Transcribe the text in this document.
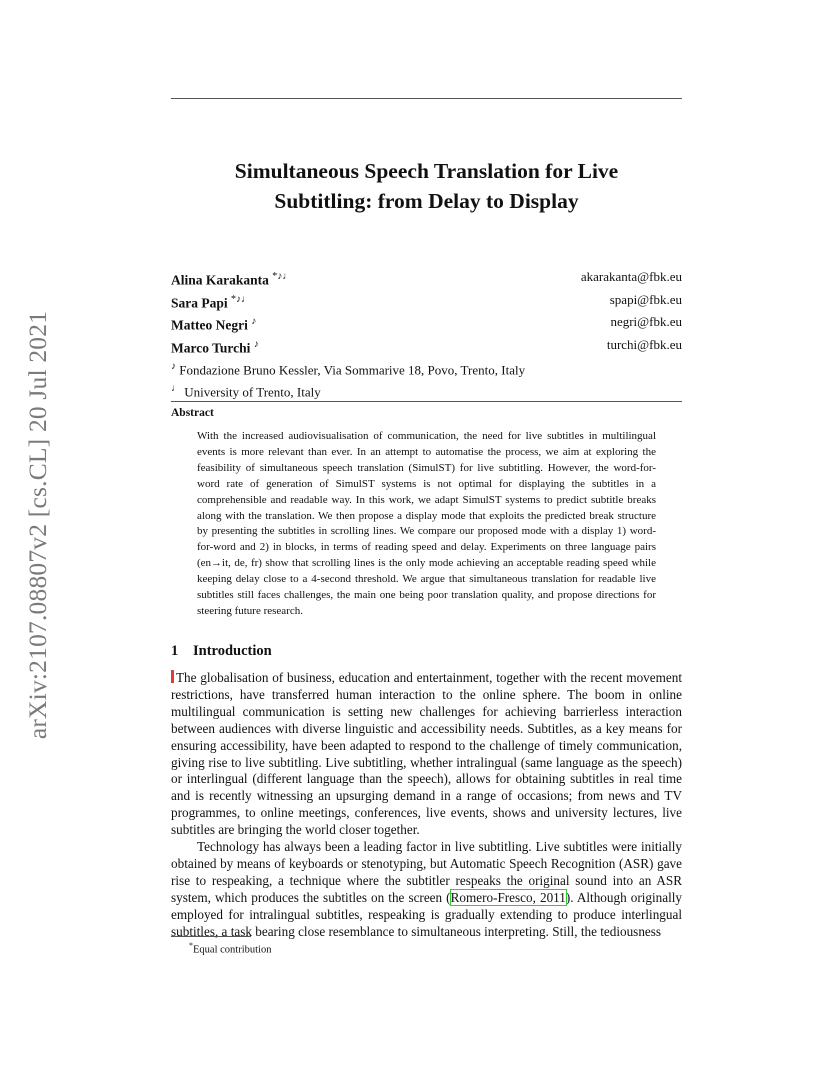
arXiv:2107.08807v2 [cs.CL] 20 Jul 2021
Simultaneous Speech Translation for Live
Subtitling: from Delay to Display
Alina Karakanta *♪♩	akarakanta@fbk.eu
Sara Papi *♪♩	spapi@fbk.eu
Matteo Negri ♪	negri@fbk.eu
Marco Turchi ♪	turchi@fbk.eu
♪ Fondazione Bruno Kessler, Via Sommarive 18, Povo, Trento, Italy
♩ University of Trento, Italy
Abstract

With the increased audiovisualisation of communication, the need for live subtitles in multilingual events is more relevant than ever. In an attempt to automatise the process, we aim at exploring the feasibility of simultaneous speech translation (SimulST) for live subtitling. However, the word-for-word rate of generation of SimulST systems is not optimal for displaying the subtitles in a comprehensible and readable way. In this work, we adapt SimulST systems to predict subtitle breaks along with the translation. We then propose a display mode that exploits the predicted break structure by presenting the subtitles in scrolling lines. We compare our proposed mode with a display 1) word-for-word and 2) in blocks, in terms of reading speed and delay. Experiments on three language pairs (en→it, de, fr) show that scrolling lines is the only mode achieving an acceptable reading speed while keeping delay close to a 4-second threshold. We argue that simultaneous translation for readable live subtitles still faces challenges, the main one being poor translation quality, and propose directions for steering future research.

1 Introduction

The globalisation of business, education and entertainment, together with the recent movement restrictions, have transferred human interaction to the online sphere. The boom in online multilingual communication is setting new challenges for achieving barrierless interaction between audiences with diverse linguistic and accessibility needs. Subtitles, as a key means for ensuring accessibility, have been adapted to respond to the challenge of timely communication, giving rise to live subtitling. Live subtitling, whether intralingual (same language as the speech) or interlingual (different language than the speech), allows for obtaining subtitles in real time and is recently witnessing an upsurging demand in a range of occasions; from news and TV programmes, to online meetings, conferences, live events, shows and university lectures, live subtitles are bringing the world closer together.

Technology has always been a leading factor in live subtitling. Live subtitles were initially obtained by means of keyboards or stenotyping, but Automatic Speech Recognition (ASR) gave rise to respeaking, a technique where the subtitler respeaks the original sound into an ASR system, which produces the subtitles on the screen (Romero-Fresco, 2011). Although originally employed for intralingual subtitles, respeaking is gradually extending to produce interlingual subtitles, a task bearing close resemblance to simultaneous interpreting. Still, the tediousness

*Equal contribution
